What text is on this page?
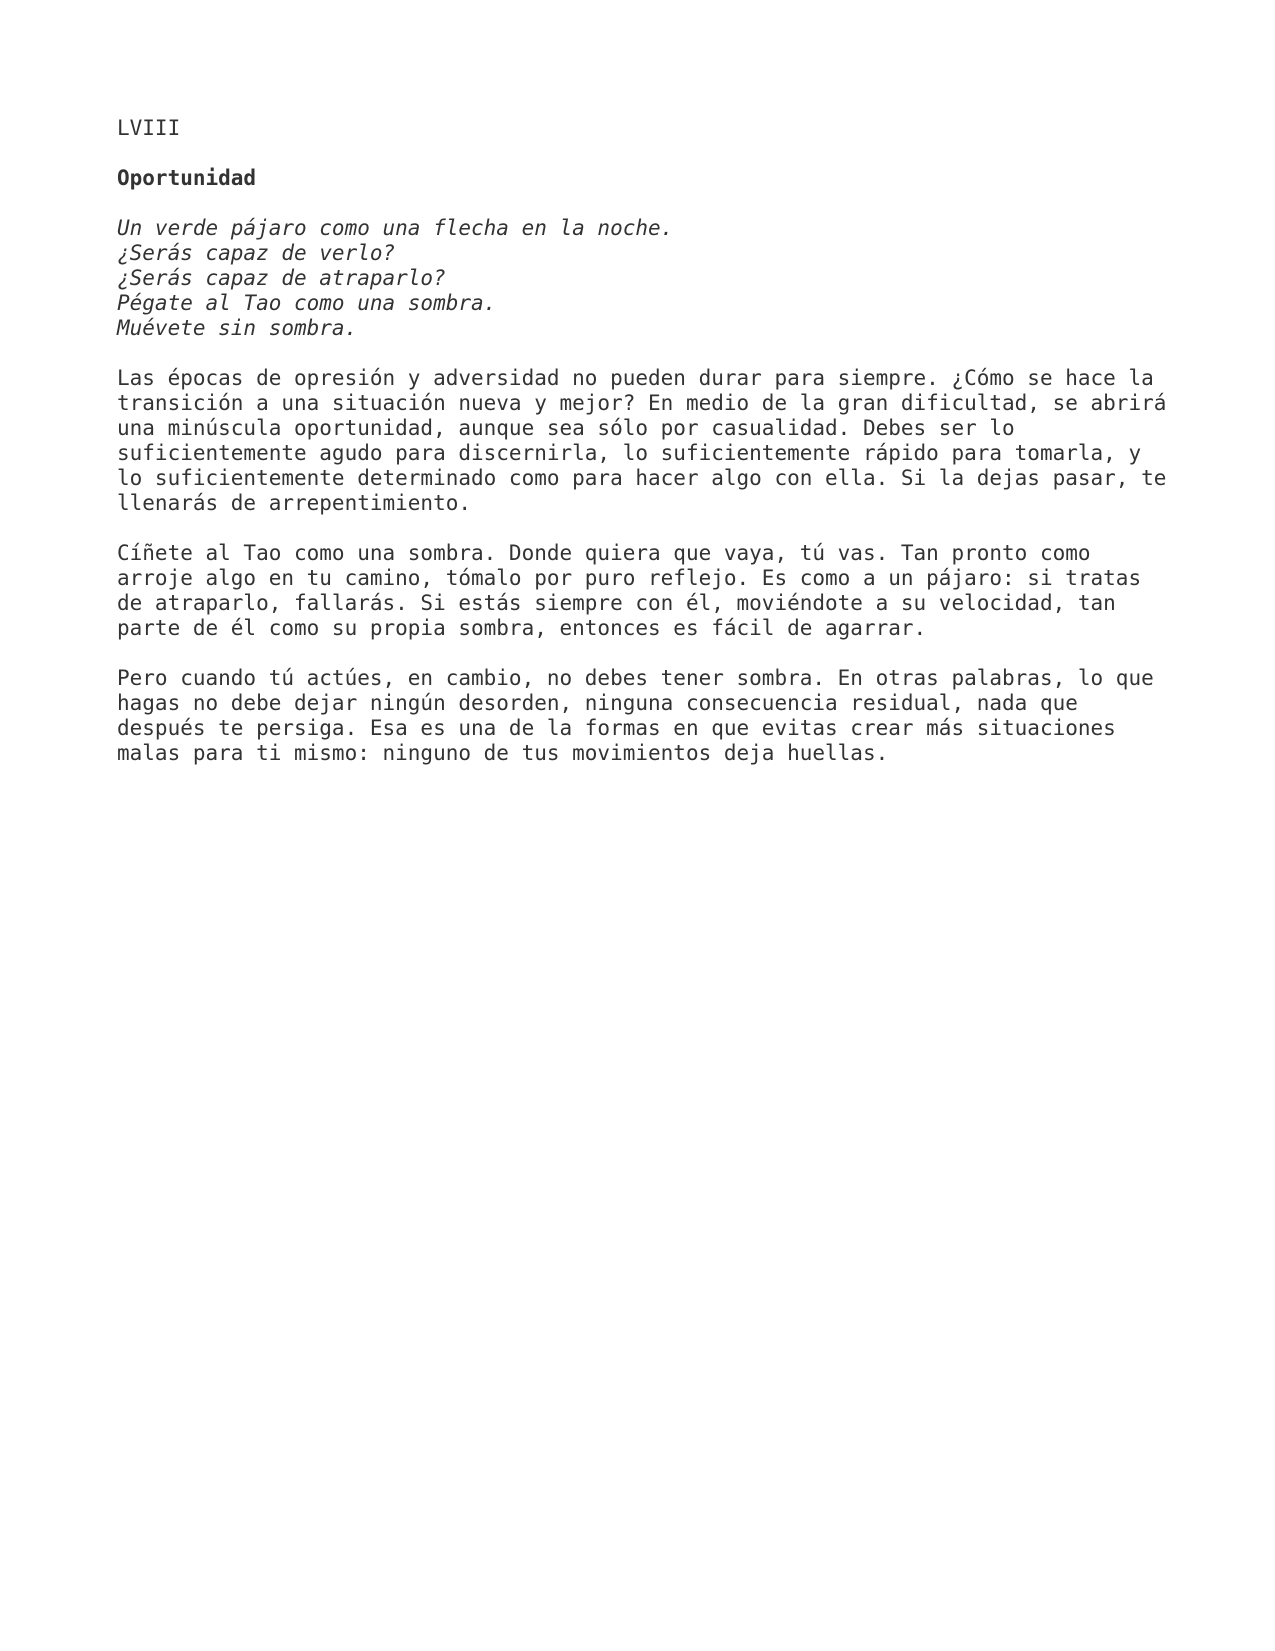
LVIII
Oportunidad
Un verde pájaro como una flecha en la noche.
¿Serás capaz de verlo?
¿Serás capaz de atraparlo?
Pégate al Tao como una sombra.
Muévete sin sombra.
Las épocas de opresión y adversidad no pueden durar para siempre. ¿Cómo se hace la
transición a una situación nueva y mejor? En medio de la gran dificultad, se abrirá
una minúscula oportunidad, aunque sea sólo por casualidad. Debes ser lo
suficientemente agudo para discernirla, lo suficientemente rápido para tomarla, y
lo suficientemente determinado como para hacer algo con ella. Si la dejas pasar, te
llenarás de arrepentimiento.
Cíñete al Tao como una sombra. Donde quiera que vaya, tú vas. Tan pronto como
arroje algo en tu camino, tómalo por puro reflejo. Es como a un pájaro: si tratas
de atraparlo, fallarás. Si estás siempre con él, moviéndote a su velocidad, tan
parte de él como su propia sombra, entonces es fácil de agarrar.
Pero cuando tú actúes, en cambio, no debes tener sombra. En otras palabras, lo que
hagas no debe dejar ningún desorden, ninguna consecuencia residual, nada que
después te persiga. Esa es una de la formas en que evitas crear más situaciones
malas para ti mismo: ninguno de tus movimientos deja huellas.
